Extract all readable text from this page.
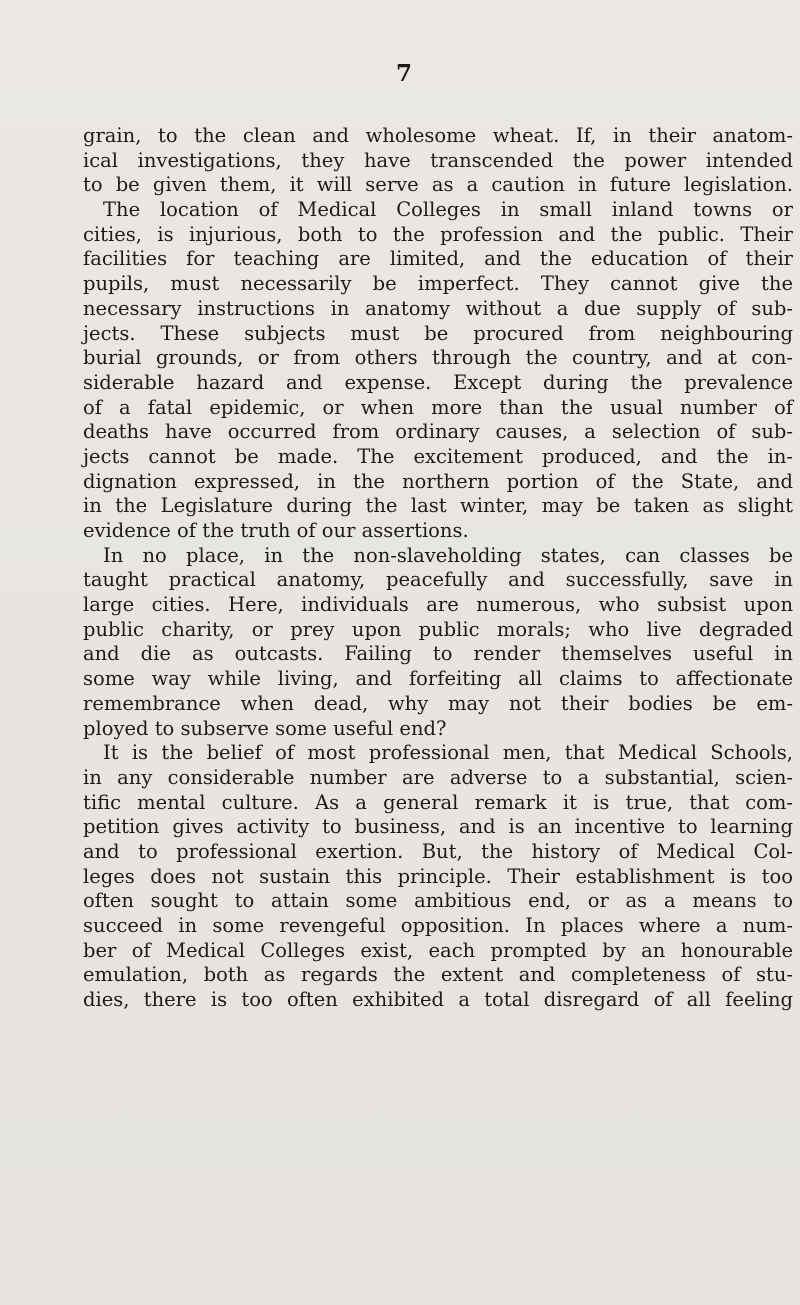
7
grain, to the clean and wholesome wheat. If, in their anatom-
ical investigations, they have transcended the power intended
to be given them, it will serve as a caution in future legislation.
The location of Medical Colleges in small inland towns or
cities, is injurious, both to the profession and the public. Their
facilities for teaching are limited, and the education of their
pupils, must necessarily be imperfect. They cannot give the
necessary instructions in anatomy without a due supply of sub-
jects. These subjects must be procured from neighbouring
burial grounds, or from others through the country, and at con-
siderable hazard and expense. Except during the prevalence
of a fatal epidemic, or when more than the usual number of
deaths have occurred from ordinary causes, a selection of sub-
jects cannot be made. The excitement produced, and the in-
dignation expressed, in the northern portion of the State, and
in the Legislature during the last winter, may be taken as slight
evidence of the truth of our assertions.
In no place, in the non-slaveholding states, can classes be
taught practical anatomy, peacefully and successfully, save in
large cities. Here, individuals are numerous, who subsist upon
public charity, or prey upon public morals; who live degraded
and die as outcasts. Failing to render themselves useful in
some way while living, and forfeiting all claims to affectionate
remembrance when dead, why may not their bodies be em-
ployed to subserve some useful end?
It is the belief of most professional men, that Medical Schools,
in any considerable number are adverse to a substantial, scien-
tific mental culture. As a general remark it is true, that com-
petition gives activity to business, and is an incentive to learning
and to professional exertion. But, the history of Medical Col-
leges does not sustain this principle. Their establishment is too
often sought to attain some ambitious end, or as a means to
succeed in some revengeful opposition. In places where a num-
ber of Medical Colleges exist, each prompted by an honourable
emulation, both as regards the extent and completeness of stu-
dies, there is too often exhibited a total disregard of all feeling
